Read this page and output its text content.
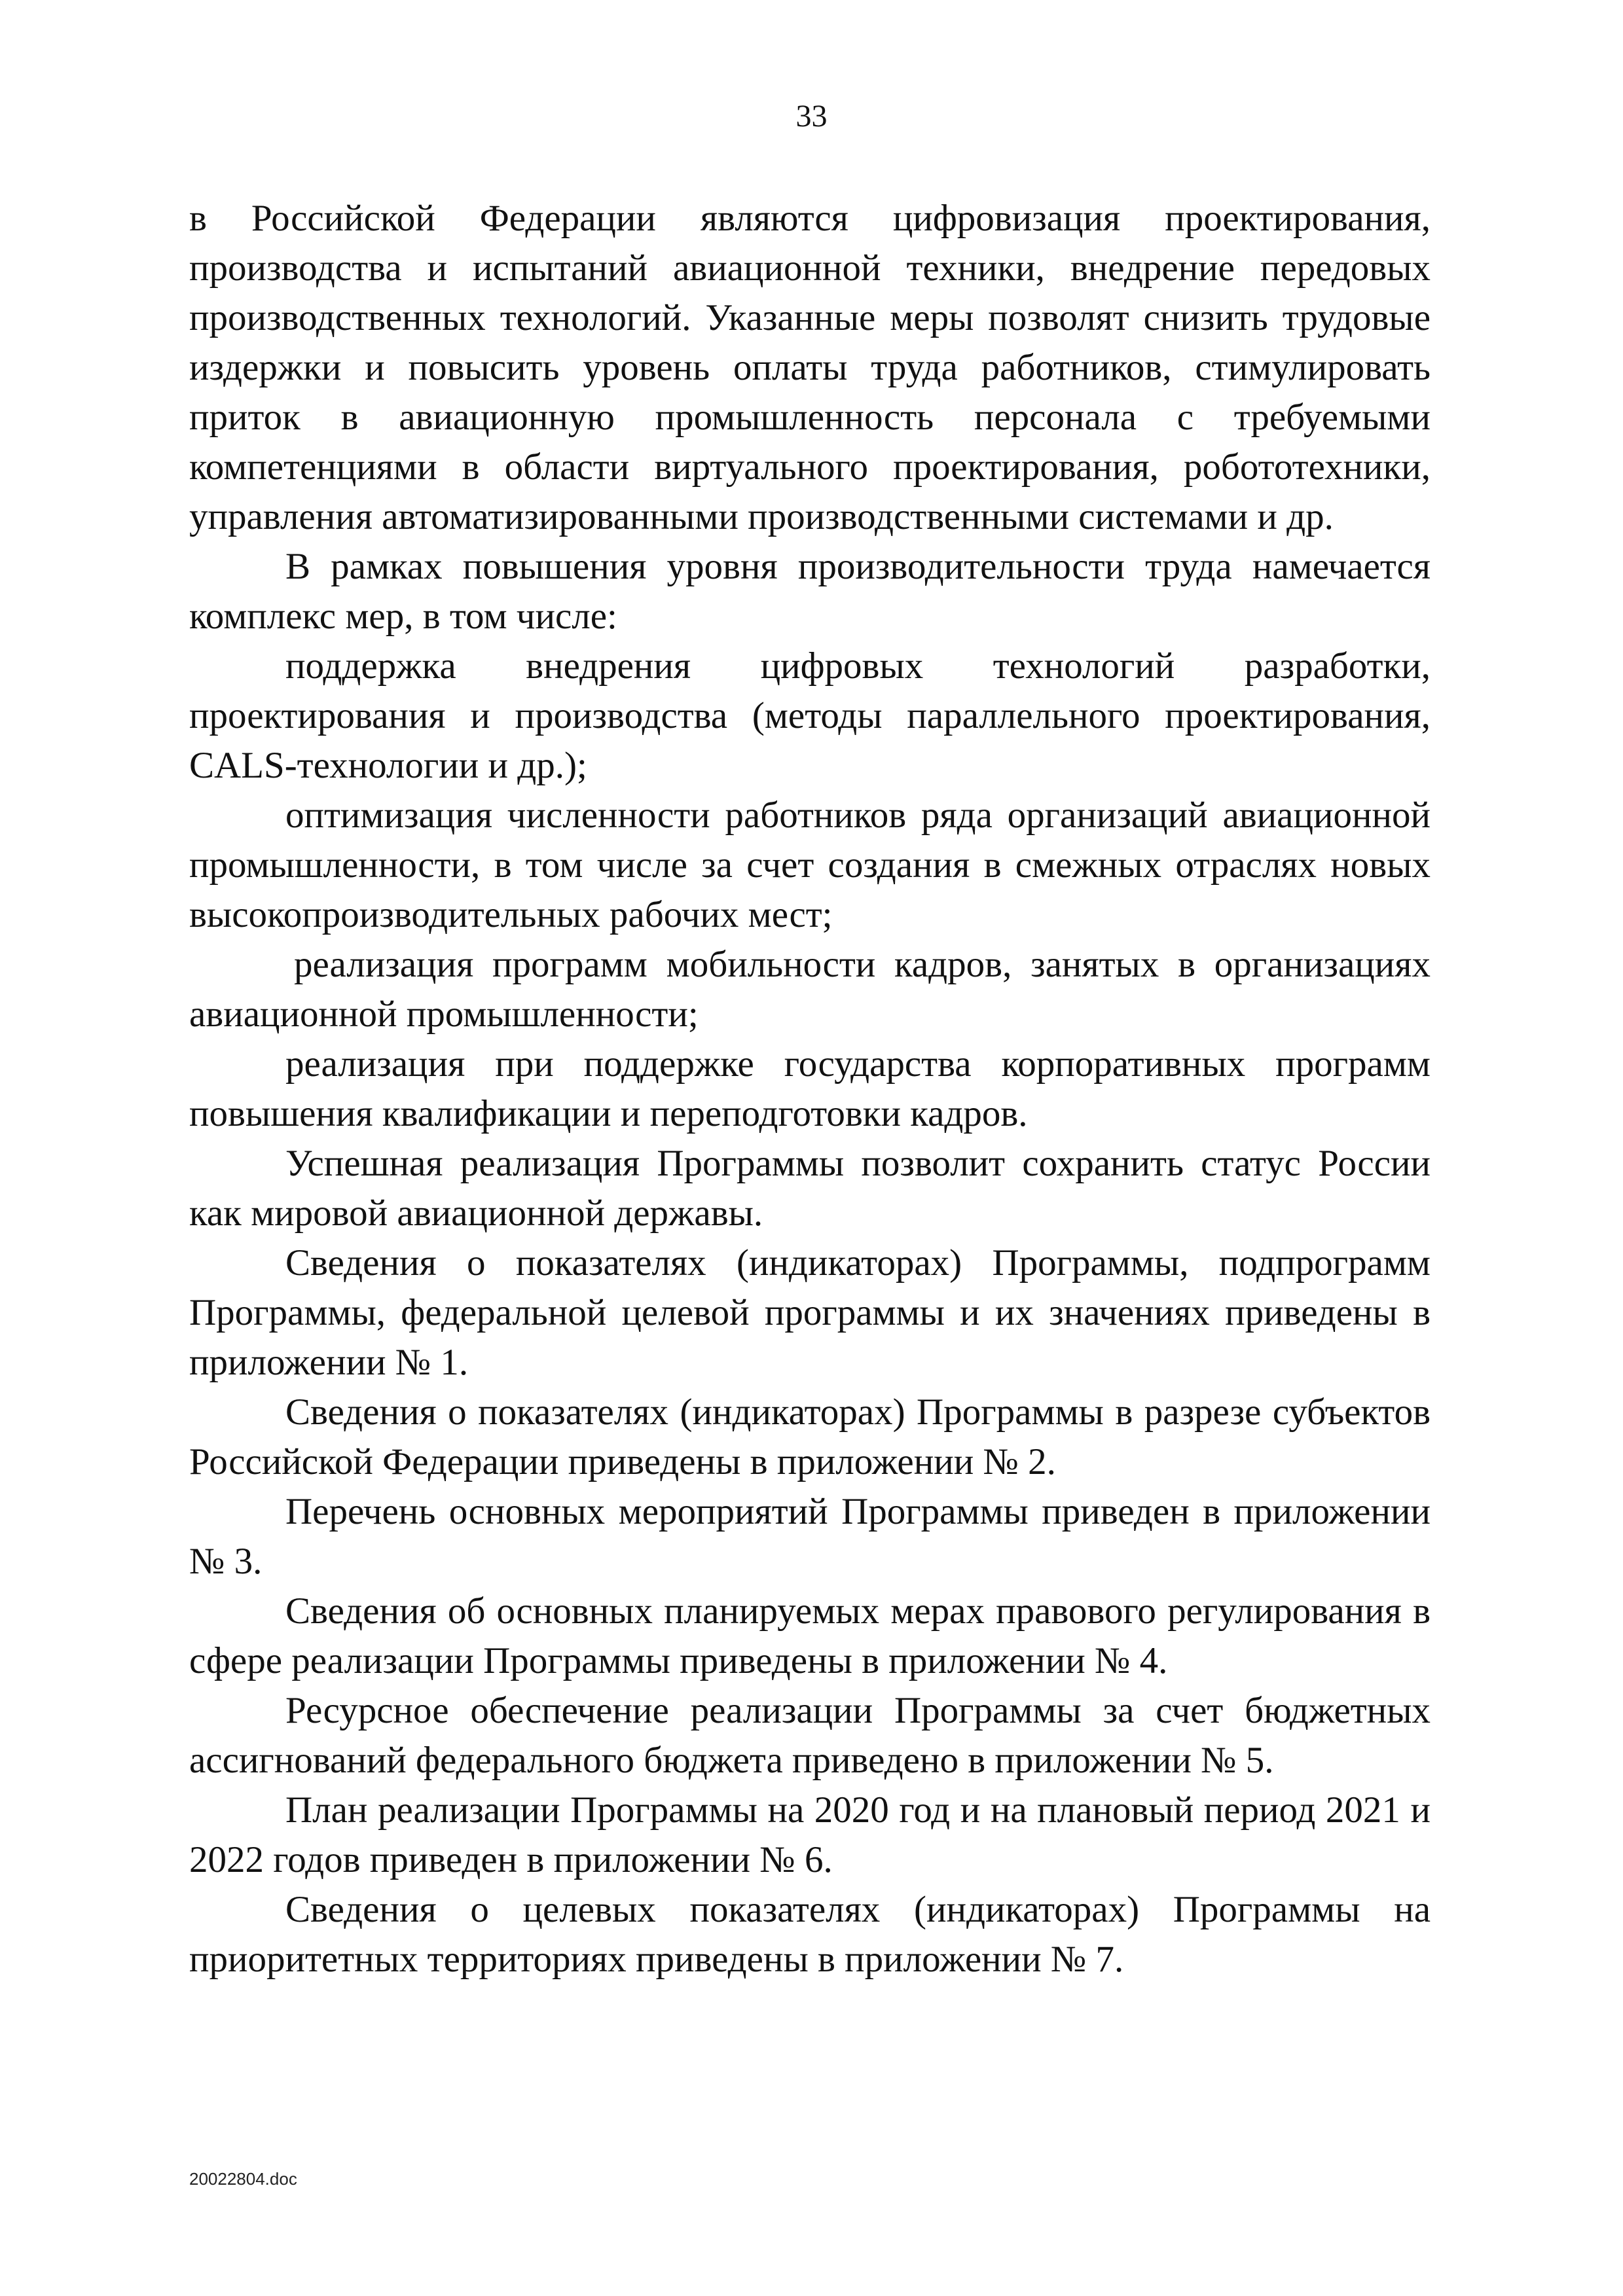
33

в Российской Федерации являются цифровизация проектирования, производства и испытаний авиационной техники, внедрение передовых производственных технологий. Указанные меры позволят снизить трудовые издержки и повысить уровень оплаты труда работников, стимулировать приток в авиационную промышленность персонала с требуемыми компетенциями в области виртуального проектирования, робототехники, управления автоматизированными производственными системами и др.

В рамках повышения уровня производительности труда намечается комплекс мер, в том числе:

поддержка внедрения цифровых технологий разработки, проектирования и производства (методы параллельного проектирования, CALS-технологии и др.);

оптимизация численности работников ряда организаций авиационной промышленности, в том числе за счет создания в смежных отраслях новых высокопроизводительных рабочих мест;

реализация программ мобильности кадров, занятых в организациях авиационной промышленности;

реализация при поддержке государства корпоративных программ повышения квалификации и переподготовки кадров.

Успешная реализация Программы позволит сохранить статус России как мировой авиационной державы.

Сведения о показателях (индикаторах) Программы, подпрограмм Программы, федеральной целевой программы и их значениях приведены в приложении № 1.

Сведения о показателях (индикаторах) Программы в разрезе субъектов Российской Федерации приведены в приложении № 2.

Перечень основных мероприятий Программы приведен в приложении № 3.

Сведения об основных планируемых мерах правового регулирования в сфере реализации Программы приведены в приложении № 4.

Ресурсное обеспечение реализации Программы за счет бюджетных ассигнований федерального бюджета приведено в приложении № 5.

План реализации Программы на 2020 год и на плановый период 2021 и 2022 годов приведен в приложении № 6.

Сведения о целевых показателях (индикаторах) Программы на приоритетных территориях приведены в приложении № 7.

20022804.doc
